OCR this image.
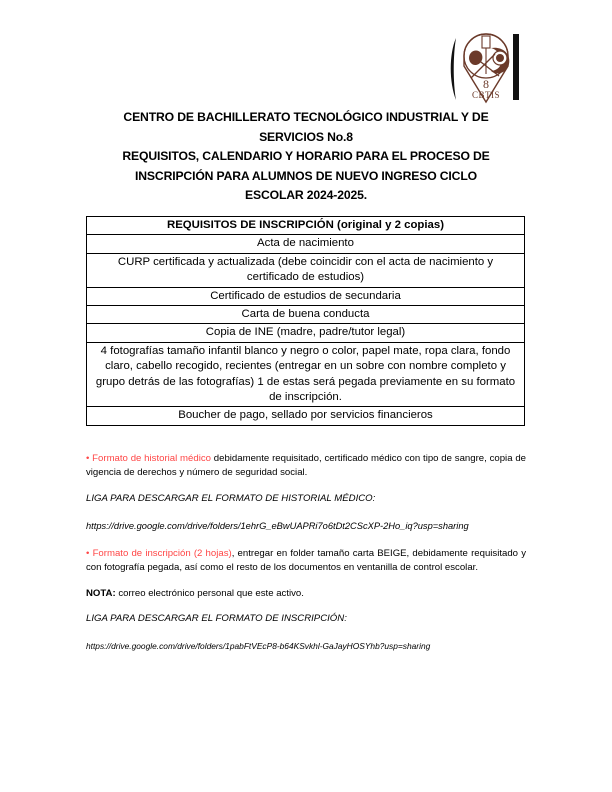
8
CBTIS
CENTRO DE BACHILLERATO TECNOLÓGICO INDUSTRIAL Y DE
SERVICIOS No.8
REQUISITOS, CALENDARIO Y HORARIO PARA EL PROCESO DE
INSCRIPCIÓN PARA ALUMNOS DE NUEVO INGRESO CICLO
ESCOLAR 2024-2025.
REQUISITOS DE INSCRIPCIÓN (original y 2 copias)
Acta de nacimiento
CURP certificada y actualizada (debe coincidir con el acta de nacimiento y certificado de estudios)
Certificado de estudios de secundaria
Carta de buena conducta
Copia de INE (madre, padre/tutor legal)
4 fotografías tamaño infantil blanco y negro o color, papel mate, ropa clara, fondo claro, cabello recogido, recientes (entregar en un sobre con nombre completo y grupo detrás de las fotografías) 1 de estas será pegada previamente en su formato de inscripción.
Boucher de pago, sellado por servicios financieros

• Formato de historial médico debidamente requisitado, certificado médico con tipo de sangre, copia de vigencia de derechos y número de seguridad social.

LIGA PARA DESCARGAR EL FORMATO DE HISTORIAL MÉDICO:

https://drive.google.com/drive/folders/1ehrG_eBwUAPRi7o6tDt2CScXP-2Ho_iq?usp=sharing

• Formato de inscripción (2 hojas), entregar en folder tamaño carta BEIGE, debidamente requisitado y con fotografía pegada, así como el resto de los documentos en ventanilla de control escolar.

NOTA: correo electrónico personal que este activo.

LIGA PARA DESCARGAR EL FORMATO DE INSCRIPCIÓN:

https://drive.google.com/drive/folders/1pabFtVEcP8-b64KSvkhl-GaJayHOSYhb?usp=sharing
